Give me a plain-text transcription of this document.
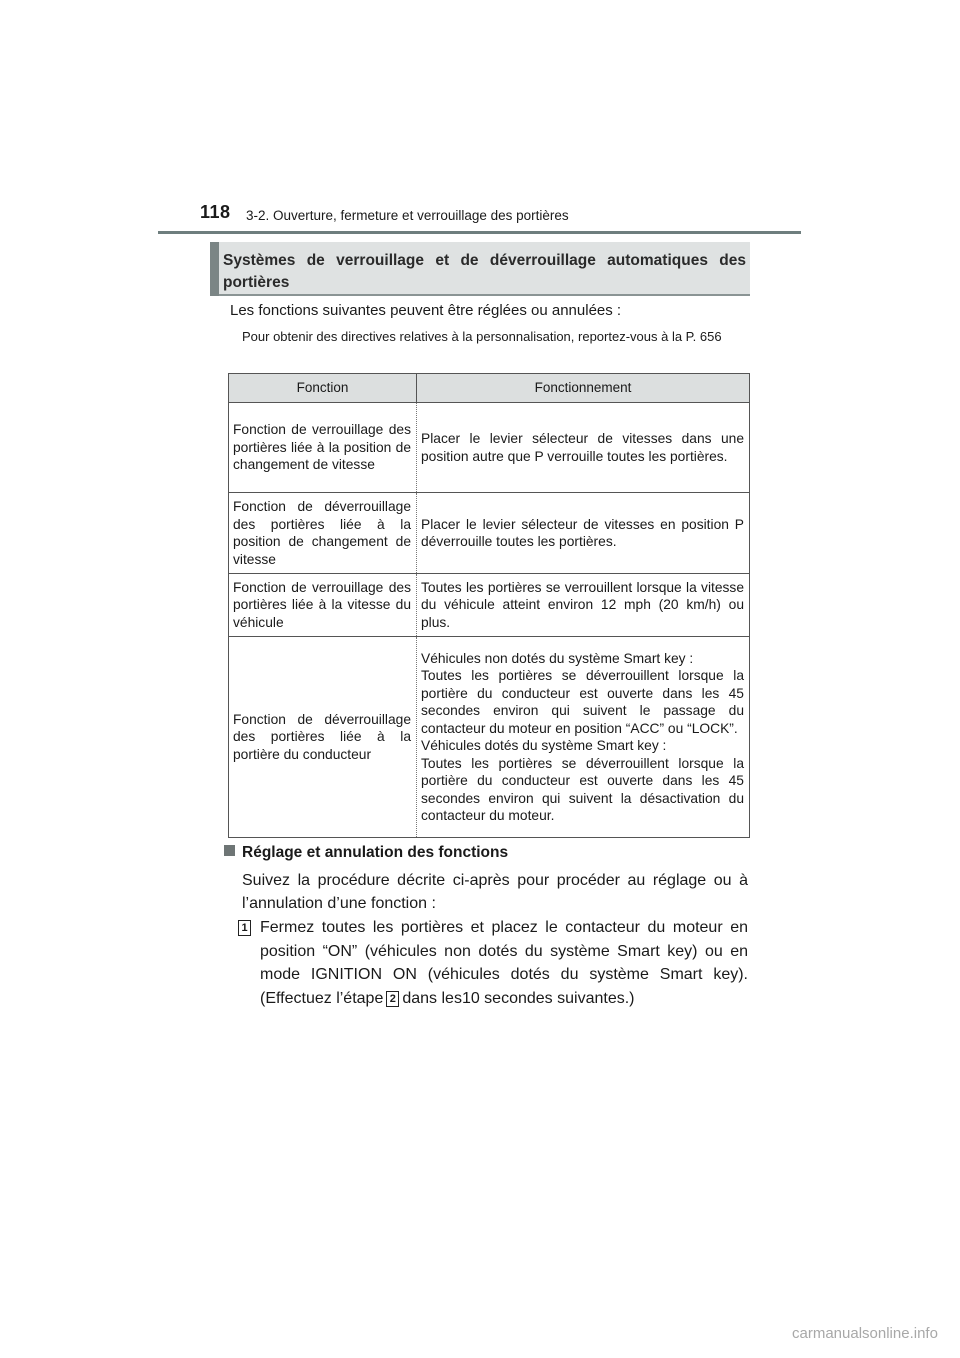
118 3-2. Ouverture, fermeture et verrouillage des portières
Systèmes de verrouillage et de déverrouillage automatiques des portières
Les fonctions suivantes peuvent être réglées ou annulées :
Pour obtenir des directives relatives à la personnalisation, reportez-vous à la P. 656
Fonction	Fonctionnement
Fonction de verrouillage des portières liée à la position de changement de vitesse	Placer le levier sélecteur de vitesses dans une position autre que P verrouille toutes les portières.

Fonction de déverrouillage des portières liée à la position de changement de vitesse	Placer le levier sélecteur de vitesses en position P déverrouille toutes les portières.

Fonction de verrouillage des portières liée à la vitesse du véhicule	Toutes les portières se verrouillent lorsque la vitesse du véhicule atteint environ 12 mph (20 km/h) ou plus.

Fonction de déverrouillage des portières liée à la portière du conducteur	Véhicules non dotés du système Smart key :
Toutes les portières se déverrouillent lorsque la portière du conducteur est ouverte dans les 45 secondes environ qui suivent le passage du contacteur du moteur en position “ACC” ou “LOCK”.
Véhicules dotés du système Smart key :
Toutes les portières se déverrouillent lorsque la portière du conducteur est ouverte dans les 45 secondes environ qui suivent la désactivation du contacteur du moteur.
Réglage et annulation des fonctions
Suivez la procédure décrite ci-après pour procéder au réglage ou à l’annulation d’une fonction :
1 Fermez toutes les portières et placez le contacteur du moteur en position “ON” (véhicules non dotés du système Smart key) ou en mode IGNITION ON (véhicules dotés du système Smart key). (Effectuez l’étape 2 dans les10 secondes suivantes.)
carmanualsonline.info
